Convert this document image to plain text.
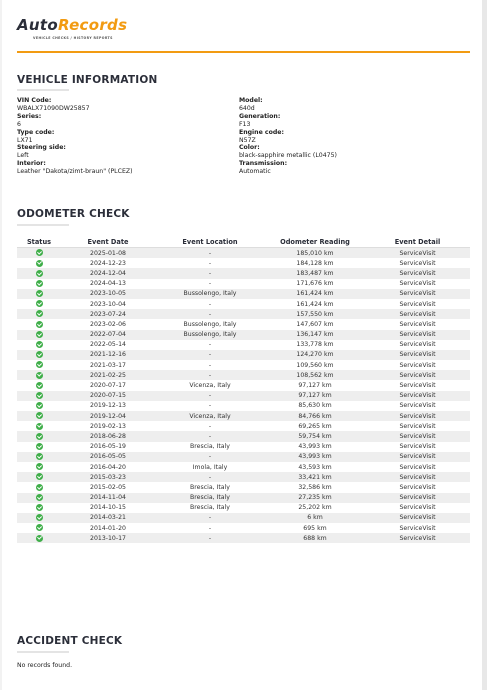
Auto Records
VEHICLE CHECKS / HISTORY REPORTS
VEHICLE INFORMATION
VIN Code:
WBALX71090DW25857
Series:
6
Type code:
LX71
Steering side:
Left
Interior:
Leather "Dakota/zimt-braun" (PLCEZ)
Model:
640d
Generation:
F13
Engine code:
N57Z
Color:
black-sapphire metallic (L0475)
Transmission:
Automatic
ODOMETER CHECK
Status	Event Date	Event Location	Odometer Reading	Event Detail
	2025-01-08	-	185,010 km	ServiceVisit
	2024-12-23	-	184,128 km	ServiceVisit
	2024-12-04	-	183,487 km	ServiceVisit
	2024-04-13	-	171,676 km	ServiceVisit
	2023-10-05	Bussolengo, Italy	161,424 km	ServiceVisit
	2023-10-04	-	161,424 km	ServiceVisit
	2023-07-24	-	157,550 km	ServiceVisit
	2023-02-06	Bussolengo, Italy	147,607 km	ServiceVisit
	2022-07-04	Bussolengo, Italy	136,147 km	ServiceVisit
	2022-05-14	-	133,778 km	ServiceVisit
	2021-12-16	-	124,270 km	ServiceVisit
	2021-03-17	-	109,560 km	ServiceVisit
	2021-02-25	-	108,562 km	ServiceVisit
	2020-07-17	Vicenza, Italy	97,127 km	ServiceVisit
	2020-07-15	-	97,127 km	ServiceVisit
	2019-12-13	-	85,630 km	ServiceVisit
	2019-12-04	Vicenza, Italy	84,766 km	ServiceVisit
	2019-02-13	-	69,265 km	ServiceVisit
	2018-06-28	-	59,754 km	ServiceVisit
	2016-05-19	Brescia, Italy	43,993 km	ServiceVisit
	2016-05-05	-	43,993 km	ServiceVisit
	2016-04-20	Imola, Italy	43,593 km	ServiceVisit
	2015-03-23	-	33,421 km	ServiceVisit
	2015-02-05	Brescia, Italy	32,586 km	ServiceVisit
	2014-11-04	Brescia, Italy	27,235 km	ServiceVisit
	2014-10-15	Brescia, Italy	25,202 km	ServiceVisit
	2014-03-21	-	6 km	ServiceVisit
	2014-01-20	-	695 km	ServiceVisit
	2013-10-17	-	688 km	ServiceVisit
ACCIDENT CHECK
No records found.
